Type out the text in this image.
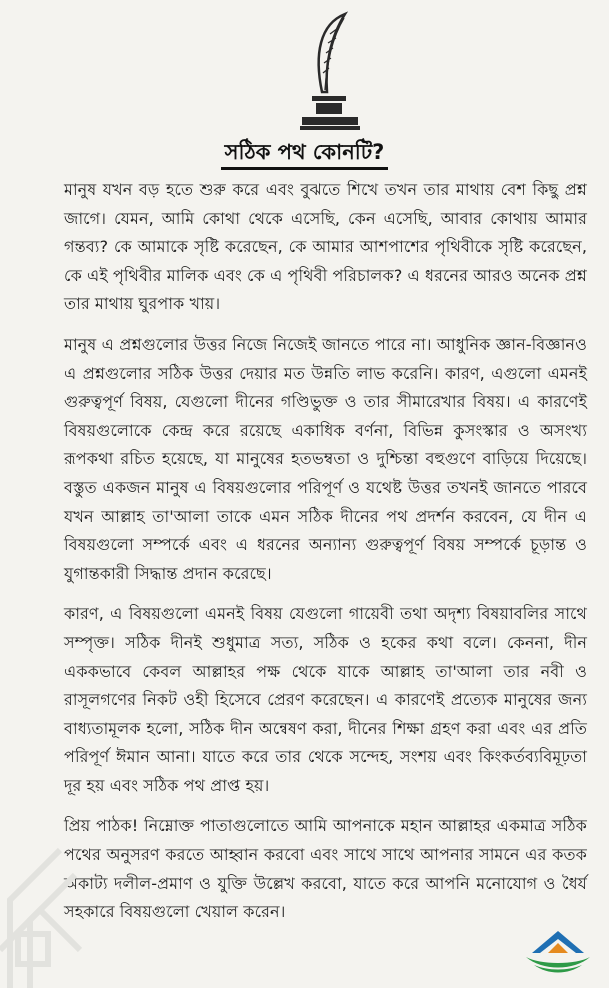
সঠিক পথ কোনটি?

মানুষ যখন বড় হতে শুরু করে এবং বুঝতে শিখে তখন তার মাথায় বেশ কিছু প্রশ্ন জাগে। যেমন, আমি কোথা থেকে এসেছি, কেন এসেছি, আবার কোথায় আমার গন্তব্য? কে আমাকে সৃষ্টি করেছেন, কে আমার আশপাশের পৃথিবীকে সৃষ্টি করেছেন, কে এই পৃথিবীর মালিক এবং কে এ পৃথিবী পরিচালক? এ ধরনের আরও অনেক প্রশ্ন তার মাথায় ঘুরপাক খায়।

মানুষ এ প্রশ্নগুলোর উত্তর নিজে নিজেই জানতে পারে না। আধুনিক জ্ঞান-বিজ্ঞানও এ প্রশ্নগুলোর সঠিক উত্তর দেয়ার মত উন্নতি লাভ করেনি। কারণ, এগুলো এমনই গুরুত্বপূর্ণ বিষয়, যেগুলো দীনের গণ্ডিভুক্ত ও তার সীমারেখার বিষয়। এ কারণেই বিষয়গুলোকে কেন্দ্র করে রয়েছে একাধিক বর্ণনা, বিভিন্ন কুসংস্কার ও অসংখ্য রূপকথা রচিত হয়েছে, যা মানুষের হতভম্বতা ও দুশ্চিন্তা বহুগুণে বাড়িয়ে দিয়েছে। বস্তুত একজন মানুষ এ বিষয়গুলোর পরিপূর্ণ ও যথেষ্ট উত্তর তখনই জানতে পারবে যখন আল্লাহ তা'আলা তাকে এমন সঠিক দীনের পথ প্রদর্শন করবেন, যে দীন এ বিষয়গুলো সম্পর্কে এবং এ ধরনের অন্যান্য গুরুত্বপূর্ণ বিষয় সম্পর্কে চূড়ান্ত ও যুগান্তকারী সিদ্ধান্ত প্রদান করেছে।

কারণ, এ বিষয়গুলো এমনই বিষয় যেগুলো গায়েবী তথা অদৃশ্য বিষয়াবলির সাথে সম্পৃক্ত। সঠিক দীনই শুধুমাত্র সত্য, সঠিক ও হকের কথা বলে। কেননা, দীন এককভাবে কেবল আল্লাহর পক্ষ থেকে যাকে আল্লাহ তা'আলা তার নবী ও রাসূলগণের নিকট ওহী হিসেবে প্রেরণ করেছেন। এ কারণেই প্রত্যেক মানুষের জন্য বাধ্যতামূলক হলো, সঠিক দীন অন্বেষণ করা, দীনের শিক্ষা গ্রহণ করা এবং এর প্রতি পরিপূর্ণ ঈমান আনা। যাতে করে তার থেকে সন্দেহ, সংশয় এবং কিংকর্তব্যবিমূঢ়তা দূর হয় এবং সঠিক পথ প্রাপ্ত হয়।

প্রিয় পাঠক! নিম্নোক্ত পাতাগুলোতে আমি আপনাকে মহান আল্লাহর একমাত্র সঠিক পথের অনুসরণ করতে আহ্বান করবো এবং সাথে সাথে আপনার সামনে এর কতক অকাট্য দলীল-প্রমাণ ও যুক্তি উল্লেখ করবো, যাতে করে আপনি মনোযোগ ও ধৈর্য সহকারে বিষয়গুলো খেয়াল করেন।
